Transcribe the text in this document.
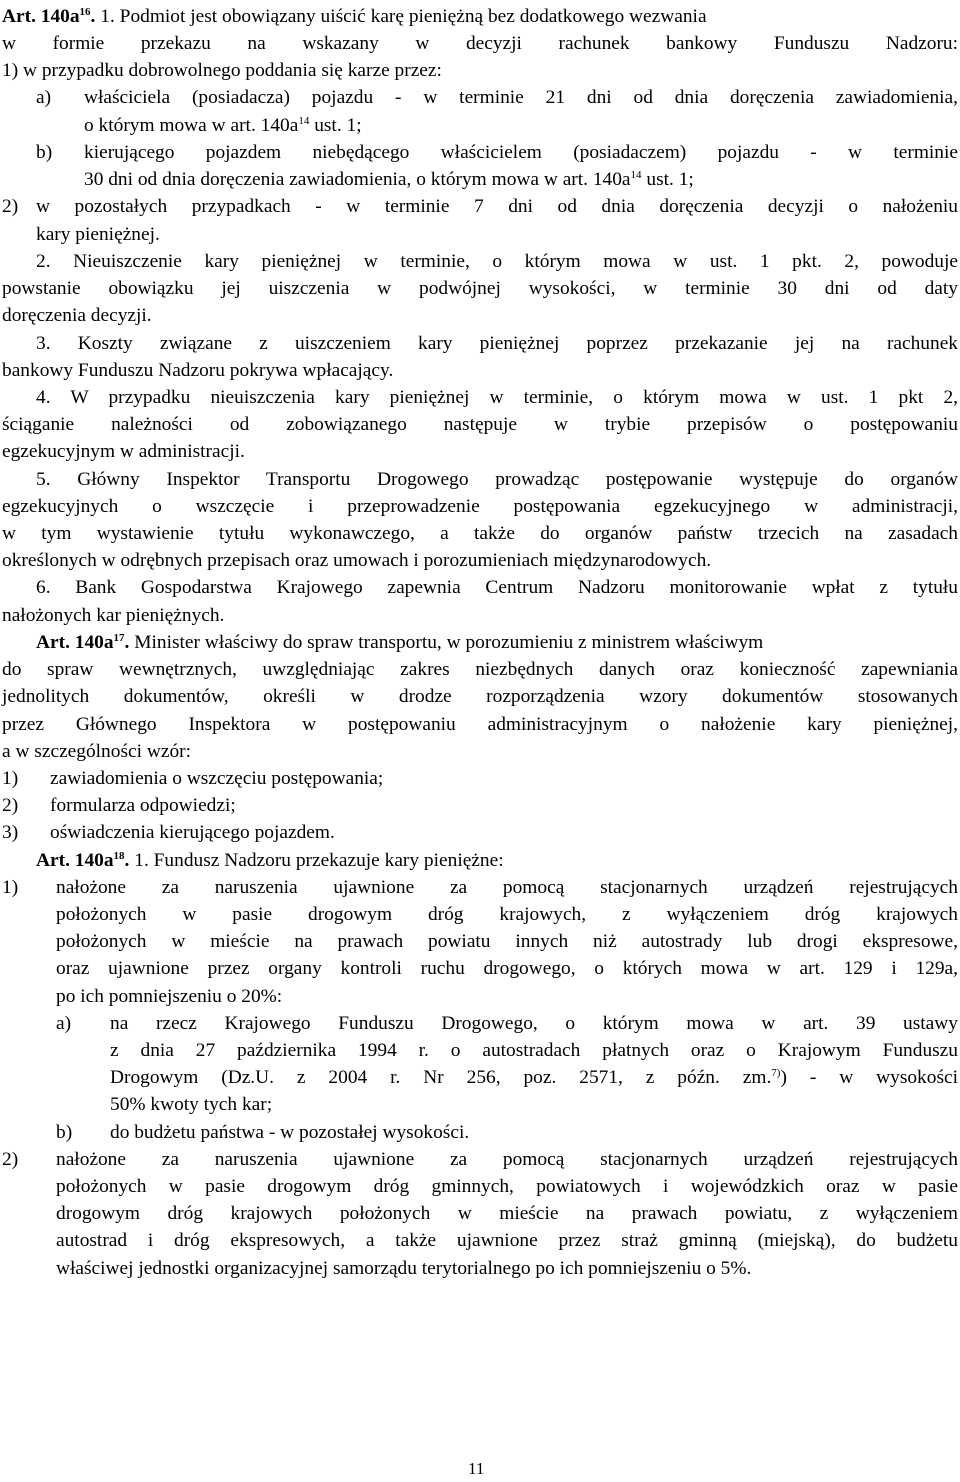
Art. $140a^{16}$. 1. Podmiot jest obowiązany uiścić karę pieniężną bez dodatkowego wezwania
w formie przekazu na wskazany w decyzji rachunek bankowy Funduszu Nadzoru:
1) w przypadku dobrowolnego poddania się karze przez:
a) właściciela (posiadacza) pojazdu - w terminie 21 dni od dnia doręczenia zawiadomienia,
o którym mowa w art. $140a^{14}$ ust. 1;
b) kierującego pojazdem niebędącego właścicielem (posiadaczem) pojazdu - w terminie
30 dni od dnia doręczenia zawiadomienia, o którym mowa w art. $140a^{14}$ ust. 1;
2) w pozostałych przypadkach - w terminie 7 dni od dnia doręczenia decyzji o nałożeniu
kary pieniężnej.
2. Nieuiszczenie kary pieniężnej w terminie, o którym mowa w ust. 1 pkt. 2, powoduje
powstanie obowiązku jej uiszczenia w podwójnej wysokości, w terminie 30 dni od daty
doręczenia decyzji.
3. Koszty związane z uiszczeniem kary pieniężnej poprzez przekazanie jej na rachunek
bankowy Funduszu Nadzoru pokrywa wpłacający.
4. W przypadku nieuiszczenia kary pieniężnej w terminie, o którym mowa w ust. 1 pkt 2,
ściąganie należności od zobowiązanego następuje w trybie przepisów o postępowaniu
egzekucyjnym w administracji.
5. Główny Inspektor Transportu Drogowego prowadząc postępowanie występuje do organów
egzekucyjnych o wszczęcie i przeprowadzenie postępowania egzekucyjnego w administracji,
w tym wystawienie tytułu wykonawczego, a także do organów państw trzecich na zasadach
określonych w odrębnych przepisach oraz umowach i porozumieniach międzynarodowych.
6. Bank Gospodarstwa Krajowego zapewnia Centrum Nadzoru monitorowanie wpłat z tytułu
nałożonych kar pieniężnych.
Art. $140a^{17}$. Minister właściwy do spraw transportu, w porozumieniu z ministrem właściwym
do spraw wewnętrznych, uwzględniając zakres niezbędnych danych oraz konieczność zapewniania
jednolitych dokumentów, określi w drodze rozporządzenia wzory dokumentów stosowanych
przez Głównego Inspektora w postępowaniu administracyjnym o nałożenie kary pieniężnej,
a w szczególności wzór:
1) zawiadomienia o wszczęciu postępowania;
2) formularza odpowiedzi;
3) oświadczenia kierującego pojazdem.
Art. $140a^{18}$. 1. Fundusz Nadzoru przekazuje kary pieniężne:
1) nałożone za naruszenia ujawnione za pomocą stacjonarnych urządzeń rejestrujących
położonych w pasie drogowym dróg krajowych, z wyłączeniem dróg krajowych
położonych w mieście na prawach powiatu innych niż autostrady lub drogi ekspresowe,
oraz ujawnione przez organy kontroli ruchu drogowego, o których mowa w art. 129 i 129a,
po ich pomniejszeniu o 20%:
a) na rzecz Krajowego Funduszu Drogowego, o którym mowa w art. 39 ustawy
z dnia 27 października 1994 r. o autostradach płatnych oraz o Krajowym Funduszu
Drogowym (Dz.U. z 2004 r. Nr 256, poz. 2571, z późn. zm.$^{7)}$) - w wysokości
50% kwoty tych kar;
b) do budżetu państwa - w pozostałej wysokości.
2) nałożone za naruszenia ujawnione za pomocą stacjonarnych urządzeń rejestrujących
położonych w pasie drogowym dróg gminnych, powiatowych i wojewódzkich oraz w pasie
drogowym dróg krajowych położonych w mieście na prawach powiatu, z wyłączeniem
autostrad i dróg ekspresowych, a także ujawnione przez straż gminną (miejską), do budżetu
właściwej jednostki organizacyjnej samorządu terytorialnego po ich pomniejszeniu o 5%.
11
